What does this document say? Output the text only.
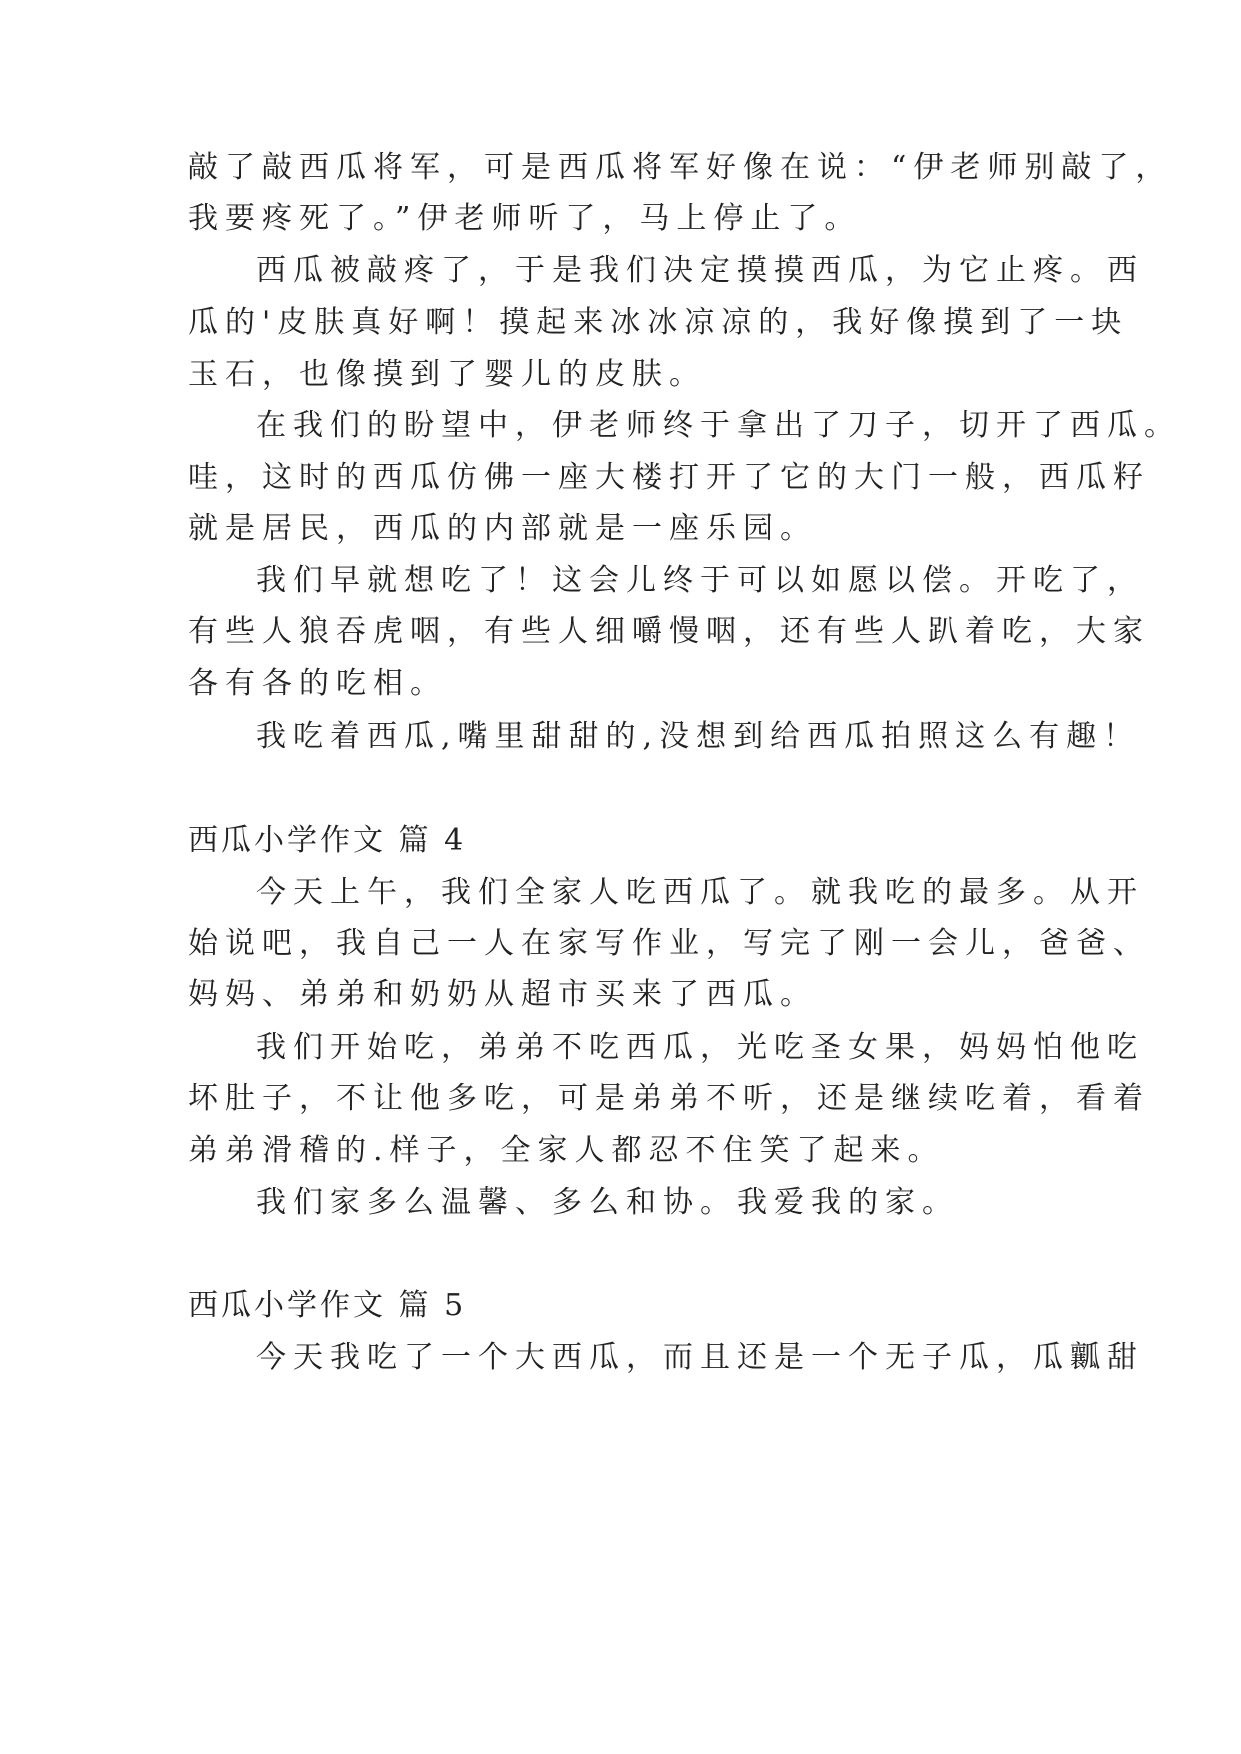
敲了敲西瓜将军，可是西瓜将军好像在说：“伊老师别敲了，
我要疼死了。”伊老师听了，马上停止了。
西瓜被敲疼了，于是我们决定摸摸西瓜，为它止疼。西
瓜的'皮肤真好啊！摸起来冰冰凉凉的，我好像摸到了一块
玉石，也像摸到了婴儿的皮肤。
在我们的盼望中，伊老师终于拿出了刀子，切开了西瓜。
哇，这时的西瓜仿佛一座大楼打开了它的大门一般，西瓜籽
就是居民，西瓜的内部就是一座乐园。
我们早就想吃了！这会儿终于可以如愿以偿。开吃了，
有些人狼吞虎咽，有些人细嚼慢咽，还有些人趴着吃，大家
各有各的吃相。
我吃着西瓜,嘴里甜甜的,没想到给西瓜拍照这么有趣！
西瓜小学作文 篇 4
今天上午，我们全家人吃西瓜了。就我吃的最多。从开
始说吧，我自己一人在家写作业，写完了刚一会儿，爸爸、
妈妈、弟弟和奶奶从超市买来了西瓜。
我们开始吃，弟弟不吃西瓜，光吃圣女果，妈妈怕他吃
坏肚子，不让他多吃，可是弟弟不听，还是继续吃着，看着
弟弟滑稽的.样子，全家人都忍不住笑了起来。
我们家多么温馨、多么和协。我爱我的家。
西瓜小学作文 篇 5
今天我吃了一个大西瓜，而且还是一个无子瓜，瓜瓤甜
